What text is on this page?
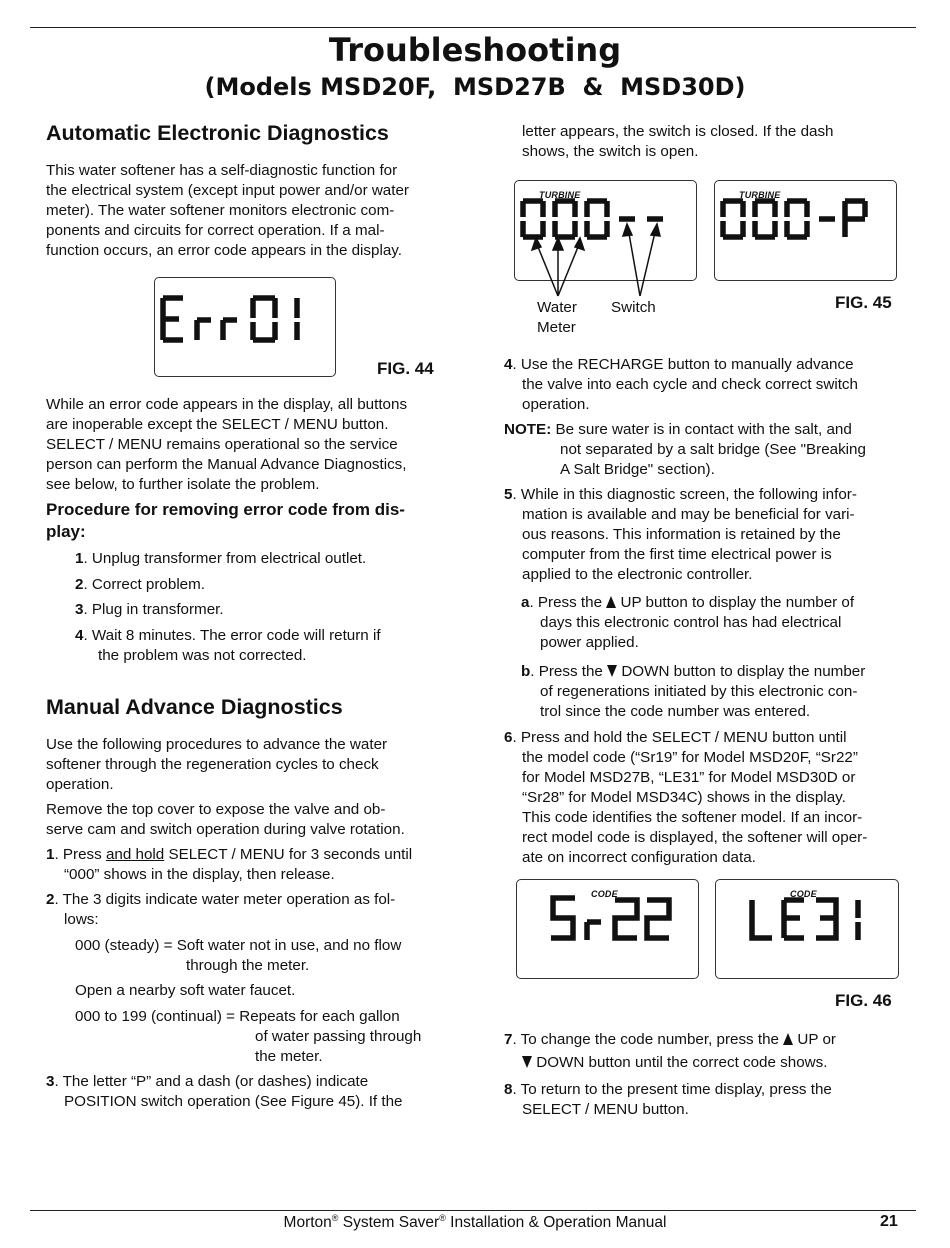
Troubleshooting
(Models MSD20F,  MSD27B  &  MSD30D)
Automatic Electronic Diagnostics

This water softener has a self-diagnostic function for

the electrical system (except input power and/or water

meter). The water softener monitors electronic com-

ponents and circuits for correct operation. If a mal-

function occurs, an error code appears in the display.

FIG. 44

While an error code appears in the display, all buttons

are inoperable except the SELECT / MENU button.

SELECT / MENU remains operational so the service

person can perform the Manual Advance Diagnostics,

see below, to further isolate the problem.

Procedure for removing error code from dis-

play:

1. Unplug transformer from electrical outlet.
2. Correct problem.
3. Plug in transformer.
4. Wait 8 minutes. The error code will return if
the problem was not corrected.
Manual Advance Diagnostics

Use the following procedures to advance the water

softener through the regeneration cycles to check

operation.

Remove the top cover to expose the valve and ob-

serve cam and switch operation during valve rotation.

1. Press and hold SELECT / MENU for 3 seconds until

“000” shows in the display, then release.

2. The 3 digits indicate water meter operation as fol-

lows:

000 (steady) = Soft water not in use, and no flow

through the meter.

Open a nearby soft water faucet.

000 to 199 (continual) = Repeats for each gallon

of water passing through

the meter.

3. The letter “P” and a dash (or dashes) indicate

POSITION switch operation (See Figure 45). If the

letter appears, the switch is closed. If the dash

shows, the switch is open.

TURBINE

Water

Meter

Switch
TURBINE
FIG. 45

4. Use the RECHARGE button to manually advance

the valve into each cycle and check correct switch

operation.

NOTE: Be sure water is in contact with the salt, and

not separated by a salt bridge (See "Breaking

A Salt Bridge" section).

5. While in this diagnostic screen, the following infor-

mation is available and may be beneficial for vari-

ous reasons. This information is retained by the

computer from the first time electrical power is

applied to the electronic controller.

a. Press the  UP button to display the number of

days this electronic control has had electrical

power applied.

b. Press the  DOWN button to display the number

of regenerations initiated by this electronic con-

trol since the code number was entered.

6. Press and hold the SELECT / MENU button until

the model code (“Sr19” for Model MSD20F, “Sr22”

for Model MSD27B, “LE31” for Model MSD30D or

“Sr28” for Model MSD34C) shows in the display.

This code identifies the softener model. If an incor-

rect model code is displayed, the softener will oper-

ate on incorrect configuration data.

CODE	CODE
FIG. 46

7. To change the code number, press the  UP or

DOWN button until the correct code shows.

8. To return to the present time display, press the

SELECT / MENU button.

Morton® System Saver® Installation & Operation Manual	21
